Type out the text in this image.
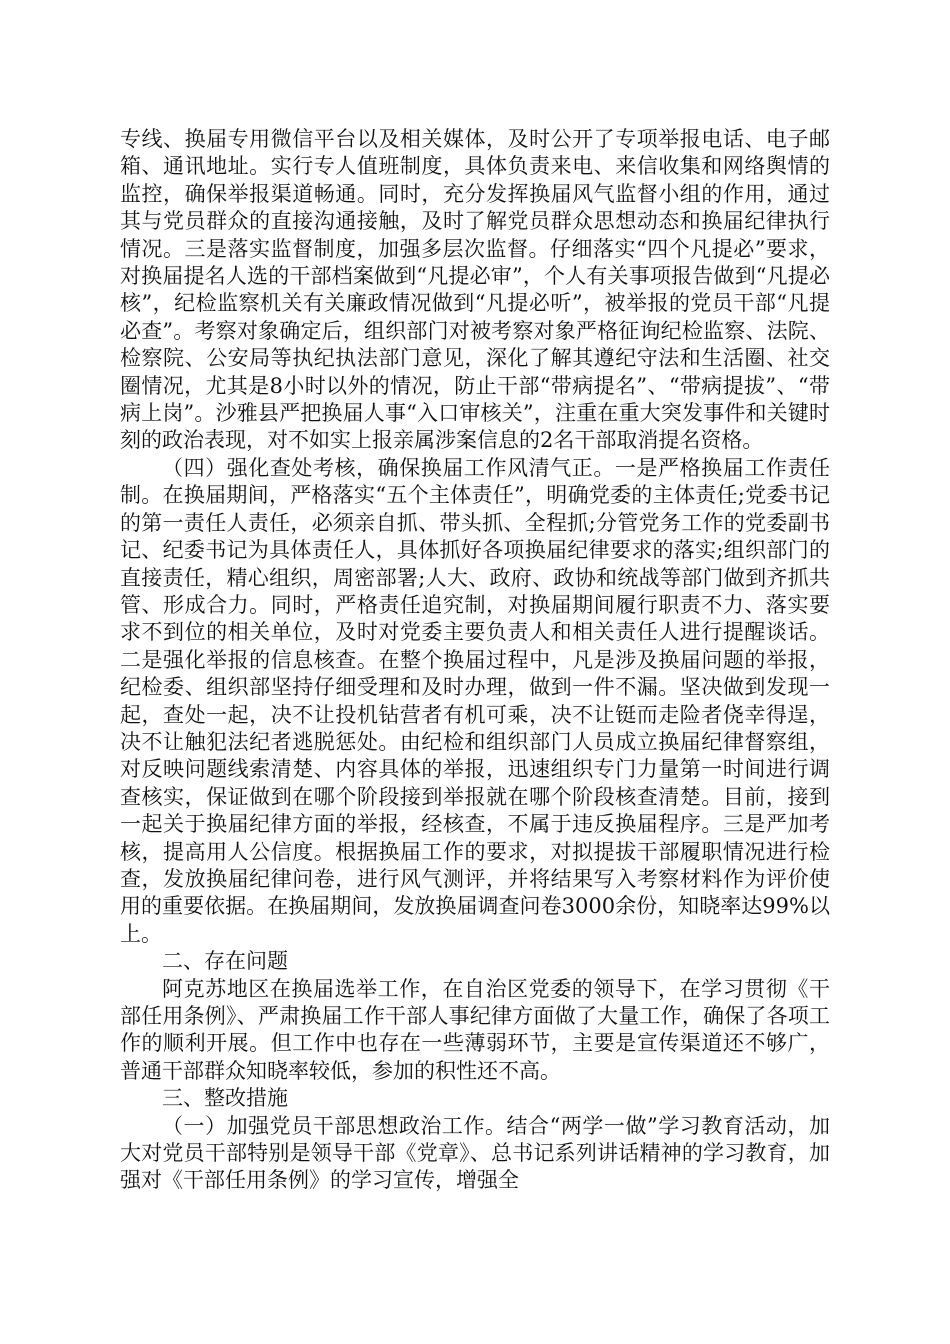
专线、换届专用微信平台以及相关媒体，及时公开了专项举报电话、电子邮箱、通讯地址。实行专人值班制度，具体负责来电、来信收集和网络舆情的监控，确保举报渠道畅通。同时，充分发挥换届风气监督小组的作用，通过其与党员群众的直接沟通接触，及时了解党员群众思想动态和换届纪律执行情况。三是落实监督制度，加强多层次监督。仔细落实“四个凡提必”要求，对换届提名人选的干部档案做到“凡提必审”，个人有关事项报告做到“凡提必核”，纪检监察机关有关廉政情况做到“凡提必听”，被举报的党员干部“凡提必查”。考察对象确定后，组织部门对被考察对象严格征询纪检监察、法院、检察院、公安局等执纪执法部门意见，深化了解其遵纪守法和生活圈、社交圈情况，尤其是8小时以外的情况，防止干部“带病提名”、“带病提拔”、“带病上岗”。沙雅县严把换届人事“入口审核关”，注重在重大突发事件和关键时刻的政治表现，对不如实上报亲属涉案信息的2名干部取消提名资格。

（四）强化查处考核，确保换届工作风清气正。一是严格换届工作责任制。在换届期间，严格落实“五个主体责任”，明确党委的主体责任;党委书记的第一责任人责任，必须亲自抓、带头抓、全程抓;分管党务工作的党委副书记、纪委书记为具体责任人，具体抓好各项换届纪律要求的落实;组织部门的直接责任，精心组织，周密部署;人大、政府、政协和统战等部门做到齐抓共管、形成合力。同时，严格责任追究制，对换届期间履行职责不力、落实要求不到位的相关单位，及时对党委主要负责人和相关责任人进行提醒谈话。二是强化举报的信息核查。在整个换届过程中，凡是涉及换届问题的举报，纪检委、组织部坚持仔细受理和及时办理，做到一件不漏。坚决做到发现一起，查处一起，决不让投机钻营者有机可乘，决不让铤而走险者侥幸得逞，决不让触犯法纪者逃脱惩处。由纪检和组织部门人员成立换届纪律督察组，对反映问题线索清楚、内容具体的举报，迅速组织专门力量第一时间进行调查核实，保证做到在哪个阶段接到举报就在哪个阶段核查清楚。目前，接到一起关于换届纪律方面的举报，经核查，不属于违反换届程序。三是严加考核，提高用人公信度。根据换届工作的要求，对拟提拔干部履职情况进行检查，发放换届纪律问卷，进行风气测评，并将结果写入考察材料作为评价使用的重要依据。在换届期间，发放换届调查问卷3000余份，知晓率达99%以上。

二、存在问题

阿克苏地区在换届选举工作，在自治区党委的领导下，在学习贯彻《干部任用条例》、严肃换届工作干部人事纪律方面做了大量工作，确保了各项工作的顺利开展。但工作中也存在一些薄弱环节，主要是宣传渠道还不够广，普通干部群众知晓率较低，参加的积性还不高。

三、整改措施

（一）加强党员干部思想政治工作。结合“两学一做”学习教育活动，加大对党员干部特别是领导干部《党章》、总书记系列讲话精神的学习教育，加强对《干部任用条例》的学习宣传，增强全
